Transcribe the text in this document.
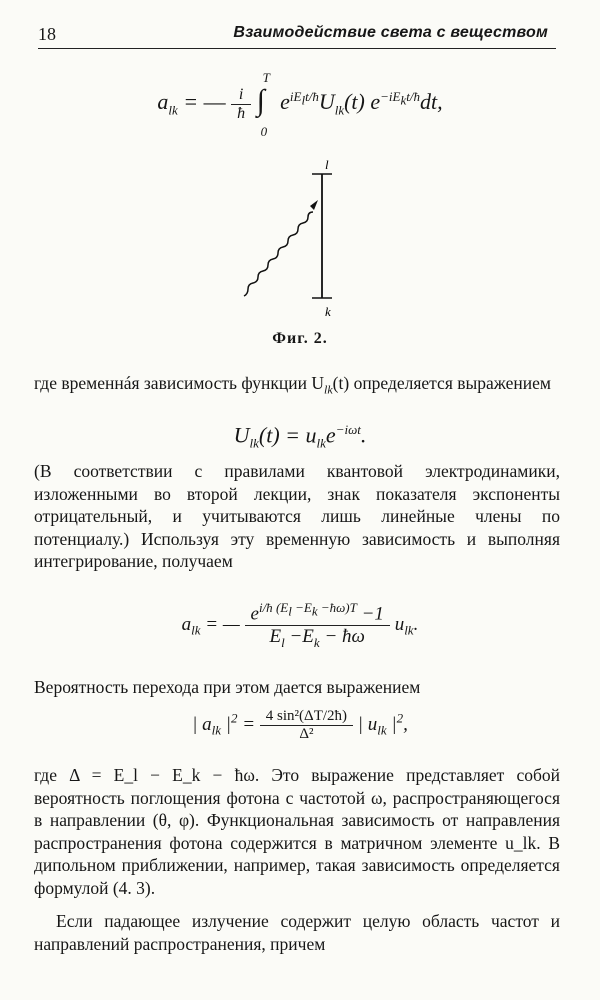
18	Взаимодействие света с веществом
$a_{lk}$ = — $\frac{i}{ħ}$

T
∫
0
$e^{iE_lt/ħ}U_{lk}(t)$ $e^{-iE_kt/ħ}dt$,
l
k
Фиг. 2.

где временнáя зависимость функции $U_{lk}(t)$ определяется выражением

$U_{lk}(t) = u_{lk}e^{-i\omega t}$.

(В соответствии с правилами квантовой электродинамики, изложенными во второй лекции, знак показателя экспоненты отрицательный, и учитываются лишь линейные члены по потенциалу.) Используя эту временную зависимость и выполняя интегрирование, получаем

$a_{lk}$ = — $\frac{e^{i/ħ (E_l -E_k -ħ\omega)T} -1}{E_l -E_k - ħ\omega} u_{lk}$.

Вероятность перехода при этом дается выражением

| $a_{lk}$ $|^2 = \frac{\text{4 sin²(ΔT/2ħ)}}{\text{Δ²}}$ | $u_{lk}$ $|^2$,

где Δ = E_l − E_k − ħω. Это выражение представляет собой вероятность поглощения фотона с частотой ω, распространяющегося в направлении (θ, φ). Функциональная зависимость от направления распространения фотона содержится в матричном элементе u_lk. В дипольном приближении, например, такая зависимость определяется формулой (4. 3).

Если падающее излучение содержит целую область частот и направлений распространения, причем
